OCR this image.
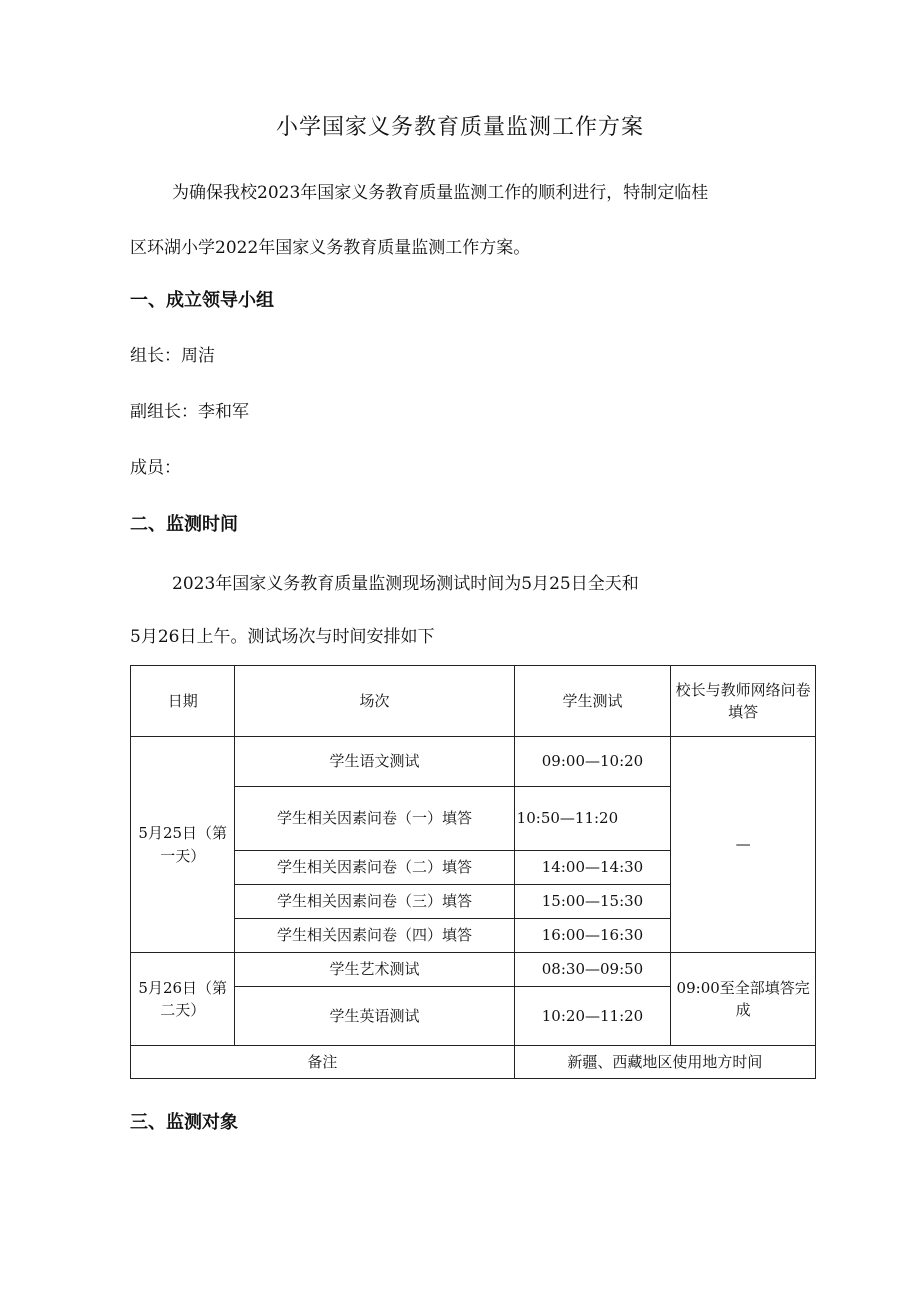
小学国家义务教育质量监测工作方案
为确保我校2023年国家义务教育质量监测工作的顺利进行，特制定临桂
区环湖小学2022年国家义务教育质量监测工作方案。
一、成立领导小组
组长：周洁
副组长：李和军
成员：
二、监测时间
2023年国家义务教育质量监测现场测试时间为5月25日全天和
5月26日上午。测试场次与时间安排如下
日期	场次	学生测试	校长与教师网络问卷填答
5月25日（第一天）	学生语文测试	09:00—10:20	—
	学生相关因素问卷（一）填答	10:50—11:20	
	学生相关因素问卷（二）填答	14:00—14:30	
	学生相关因素问卷（三）填答	15:00—15:30	
	学生相关因素问卷（四）填答	16:00—16:30	
5月26日（第二天）	学生艺术测试	08:30—09:50	09:00至全部填答完成
	学生英语测试	10:20—11:20	
备注		新疆、西藏地区使用地方时间	
三、监测对象
